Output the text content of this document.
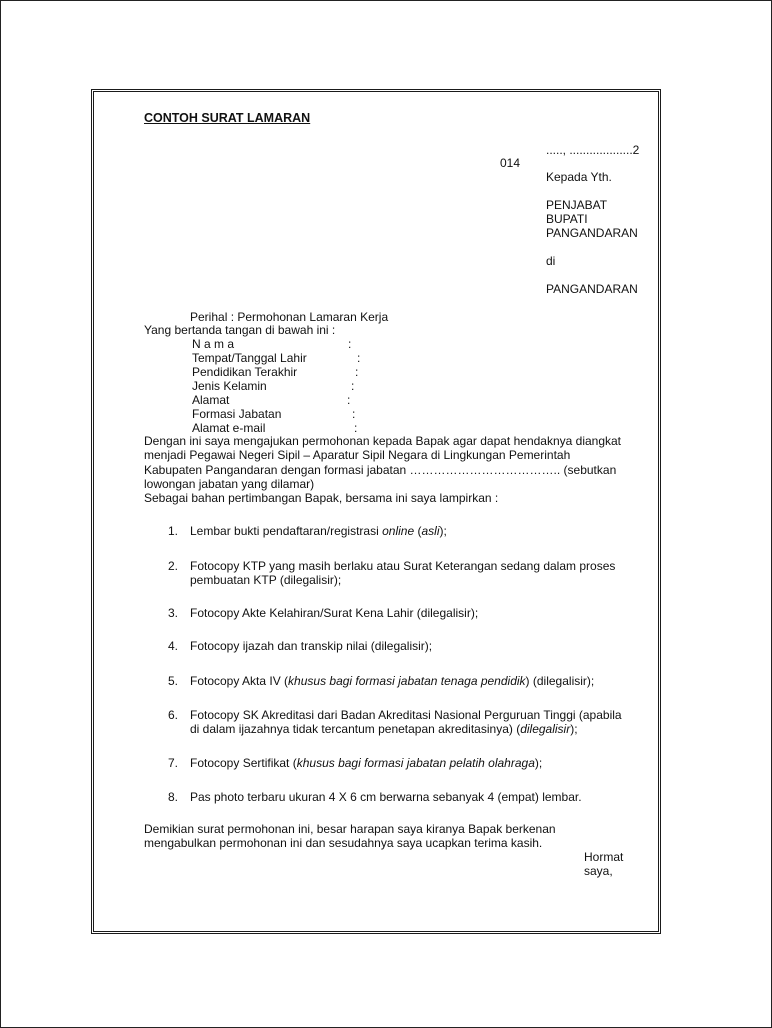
CONTOH SURAT LAMARAN
....., ...................2
014
Kepada Yth.
PENJABAT
BUPATI
PANGANDARAN
di
PANGANDARAN
Perihal : Permohonan Lamaran Kerja
Yang bertanda tangan di bawah ini :
N a m a	:
Tempat/Tanggal Lahir	:
Pendidikan Terakhir	:
Jenis Kelamin	:
Alamat	:
Formasi Jabatan	:
Alamat e-mail	:
Dengan ini saya mengajukan permohonan kepada Bapak agar dapat hendaknya diangkat
menjadi Pegawai Negeri Sipil – Aparatur Sipil Negara di Lingkungan Pemerintah
Kabupaten Pangandaran dengan formasi jabatan ……………………………….. (sebutkan
lowongan jabatan yang dilamar)
Sebagai bahan pertimbangan Bapak, bersama ini saya lampirkan :
1. Lembar bukti pendaftaran/registrasi online (asli);
2. Fotocopy KTP yang masih berlaku atau Surat Keterangan sedang dalam proses
pembuatan KTP (dilegalisir);
3. Fotocopy Akte Kelahiran/Surat Kena Lahir (dilegalisir);
4. Fotocopy ijazah dan transkip nilai (dilegalisir);
5. Fotocopy Akta IV (khusus bagi formasi jabatan tenaga pendidik) (dilegalisir);
6. Fotocopy SK Akreditasi dari Badan Akreditasi Nasional Perguruan Tinggi (apabila
di dalam ijazahnya tidak tercantum penetapan akreditasinya) (dilegalisir);
7. Fotocopy Sertifikat (khusus bagi formasi jabatan pelatih olahraga);
8. Pas photo terbaru ukuran 4 X 6 cm berwarna sebanyak 4 (empat) lembar.
Demikian surat permohonan ini, besar harapan saya kiranya Bapak berkenan
mengabulkan permohonan ini dan sesudahnya saya ucapkan terima kasih.
Hormat
saya,
